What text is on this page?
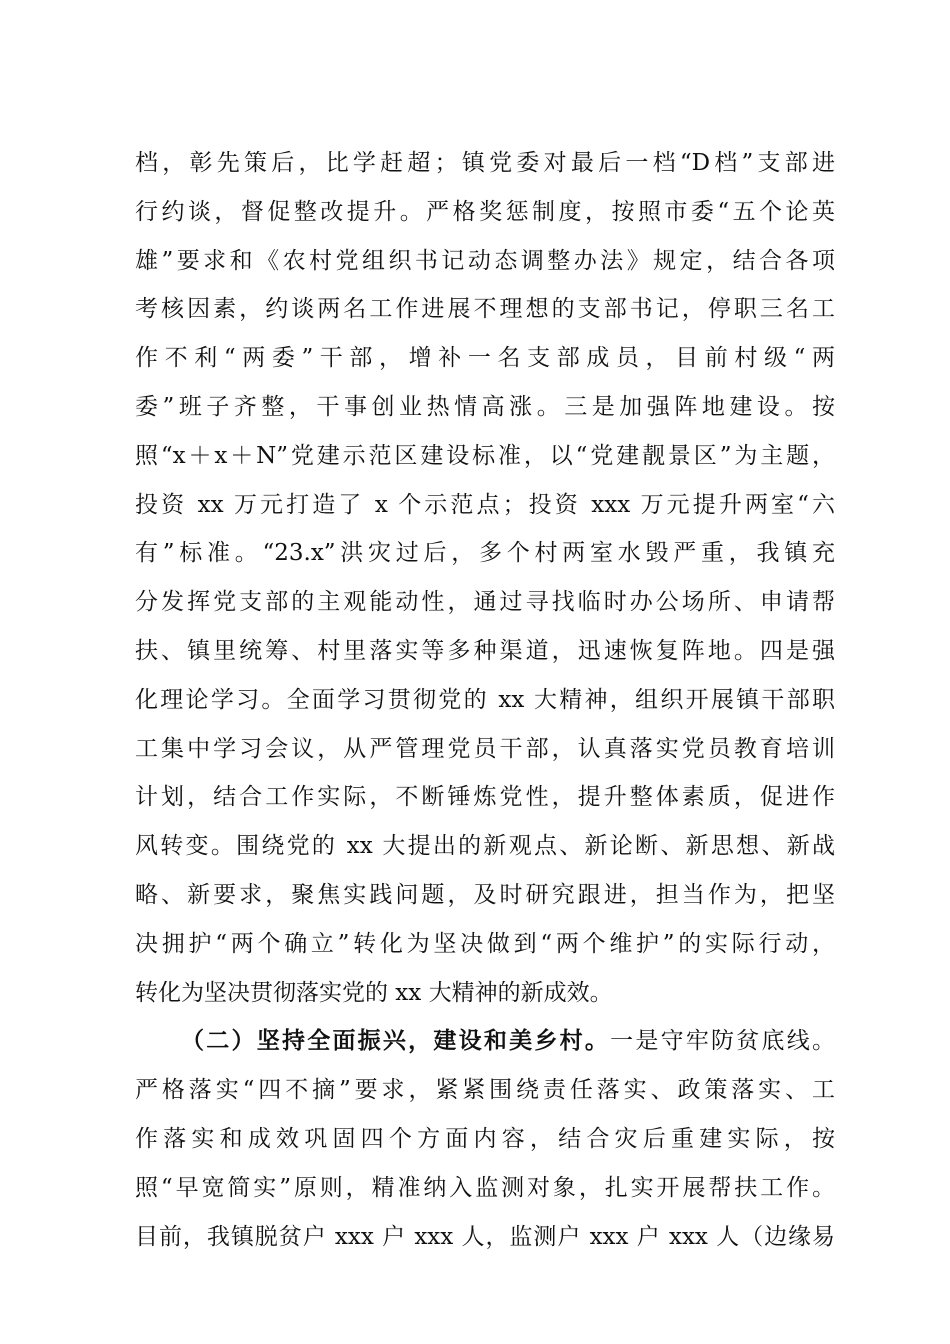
档，彰先策后，比学赶超；镇党委对最后一档“D档”支部进
行约谈，督促整改提升。严格奖惩制度，按照市委“五个论英
雄”要求和《农村党组织书记动态调整办法》规定，结合各项
考核因素，约谈两名工作进展不理想的支部书记，停职三名工
作不利“两委”干部，增补一名支部成员，目前村级“两
委”班子齐整，干事创业热情高涨。三是加强阵地建设。按
照“x＋x＋N”党建示范区建设标准，以“党建靓景区”为主题，
投资 xx 万元打造了 x 个示范点；投资 xxx 万元提升两室“六
有”标准。“23.x”洪灾过后，多个村两室水毁严重，我镇充
分发挥党支部的主观能动性，通过寻找临时办公场所、申请帮
扶、镇里统筹、村里落实等多种渠道，迅速恢复阵地。四是强
化理论学习。全面学习贯彻党的 xx 大精神，组织开展镇干部职
工集中学习会议，从严管理党员干部，认真落实党员教育培训
计划，结合工作实际，不断锤炼党性，提升整体素质，促进作
风转变。围绕党的 xx 大提出的新观点、新论断、新思想、新战
略、新要求，聚焦实践问题，及时研究跟进，担当作为，把坚
决拥护“两个确立”转化为坚决做到“两个维护”的实际行动，
转化为坚决贯彻落实党的 xx 大精神的新成效。
（二）坚持全面振兴，建设和美乡村。一是守牢防贫底线。
严格落实“四不摘”要求，紧紧围绕责任落实、政策落实、工
作落实和成效巩固四个方面内容，结合灾后重建实际，按
照“早宽简实”原则，精准纳入监测对象，扎实开展帮扶工作。
目前，我镇脱贫户 xxx 户 xxx 人，监测户 xxx 户 xxx 人（边缘易
